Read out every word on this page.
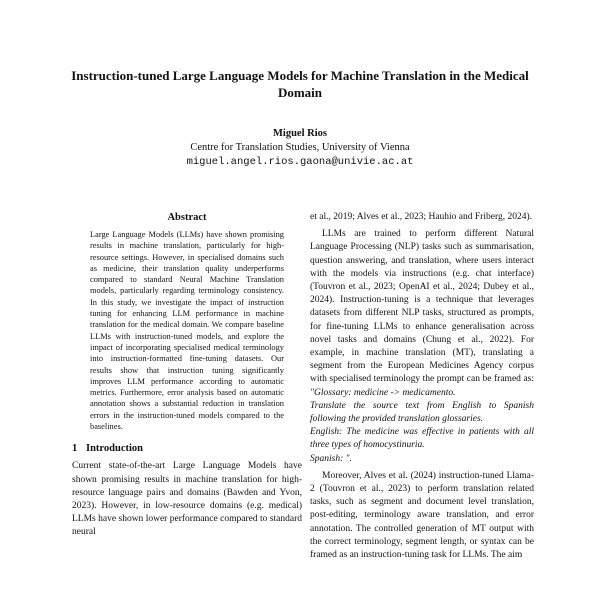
Instruction-tuned Large Language Models for Machine Translation in the Medical Domain
Miguel Rios
Centre for Translation Studies, University of Vienna
miguel.angel.rios.gaona@univie.ac.at
Abstract

Large Language Models (LLMs) have shown promising results in machine translation, particularly for high-resource settings. However, in specialised domains such as medicine, their translation quality underperforms compared to standard Neural Machine Translation models, particularly regarding terminology consistency. In this study, we investigate the impact of instruction tuning for enhancing LLM performance in machine translation for the medical domain. We compare baseline LLMs with instruction-tuned models, and explore the impact of incorporating specialised medical terminology into instruction-formatted fine-tuning datasets. Our results show that instruction tuning significantly improves LLM performance according to automatic metrics. Furthermore, error analysis based on automatic annotation shows a substantial reduction in translation errors in the instruction-tuned models compared to the baselines.

1 Introduction

Current state-of-the-art Large Language Models have shown promising results in machine translation for high-resource language pairs and domains (Bawden and Yvon, 2023). However, in low-resource domains (e.g. medical) LLMs have shown lower performance compared to standard neural

et al., 2019; Alves et al., 2023; Hauhio and Friberg, 2024).

LLMs are trained to perform different Natural Language Processing (NLP) tasks such as summarisation, question answering, and translation, where users interact with the models via instructions (e.g. chat interface) (Touvron et al., 2023; OpenAI et al., 2024; Dubey et al., 2024). Instruction-tuning is a technique that leverages datasets from different NLP tasks, structured as prompts, for fine-tuning LLMs to enhance generalisation across novel tasks and domains (Chung et al., 2022). For example, in machine translation (MT), translating a segment from the European Medicines Agency corpus with specialised terminology the prompt can be framed as: "Glossary: medicine -> medicamento.

Translate the source text from English to Spanish following the provided translation glossaries.

English: The medicine was effective in patients with all three types of homocystinuria.

Spanish: ".

Moreover, Alves et al. (2024) instruction-tuned Llama-2 (Touvron et al., 2023) to perform translation related tasks, such as segment and document level translation, post-editing, terminology aware translation, and error annotation. The controlled generation of MT output with the correct terminology, segment length, or syntax can be framed as an instruction-tuning task for LLMs. The aim
